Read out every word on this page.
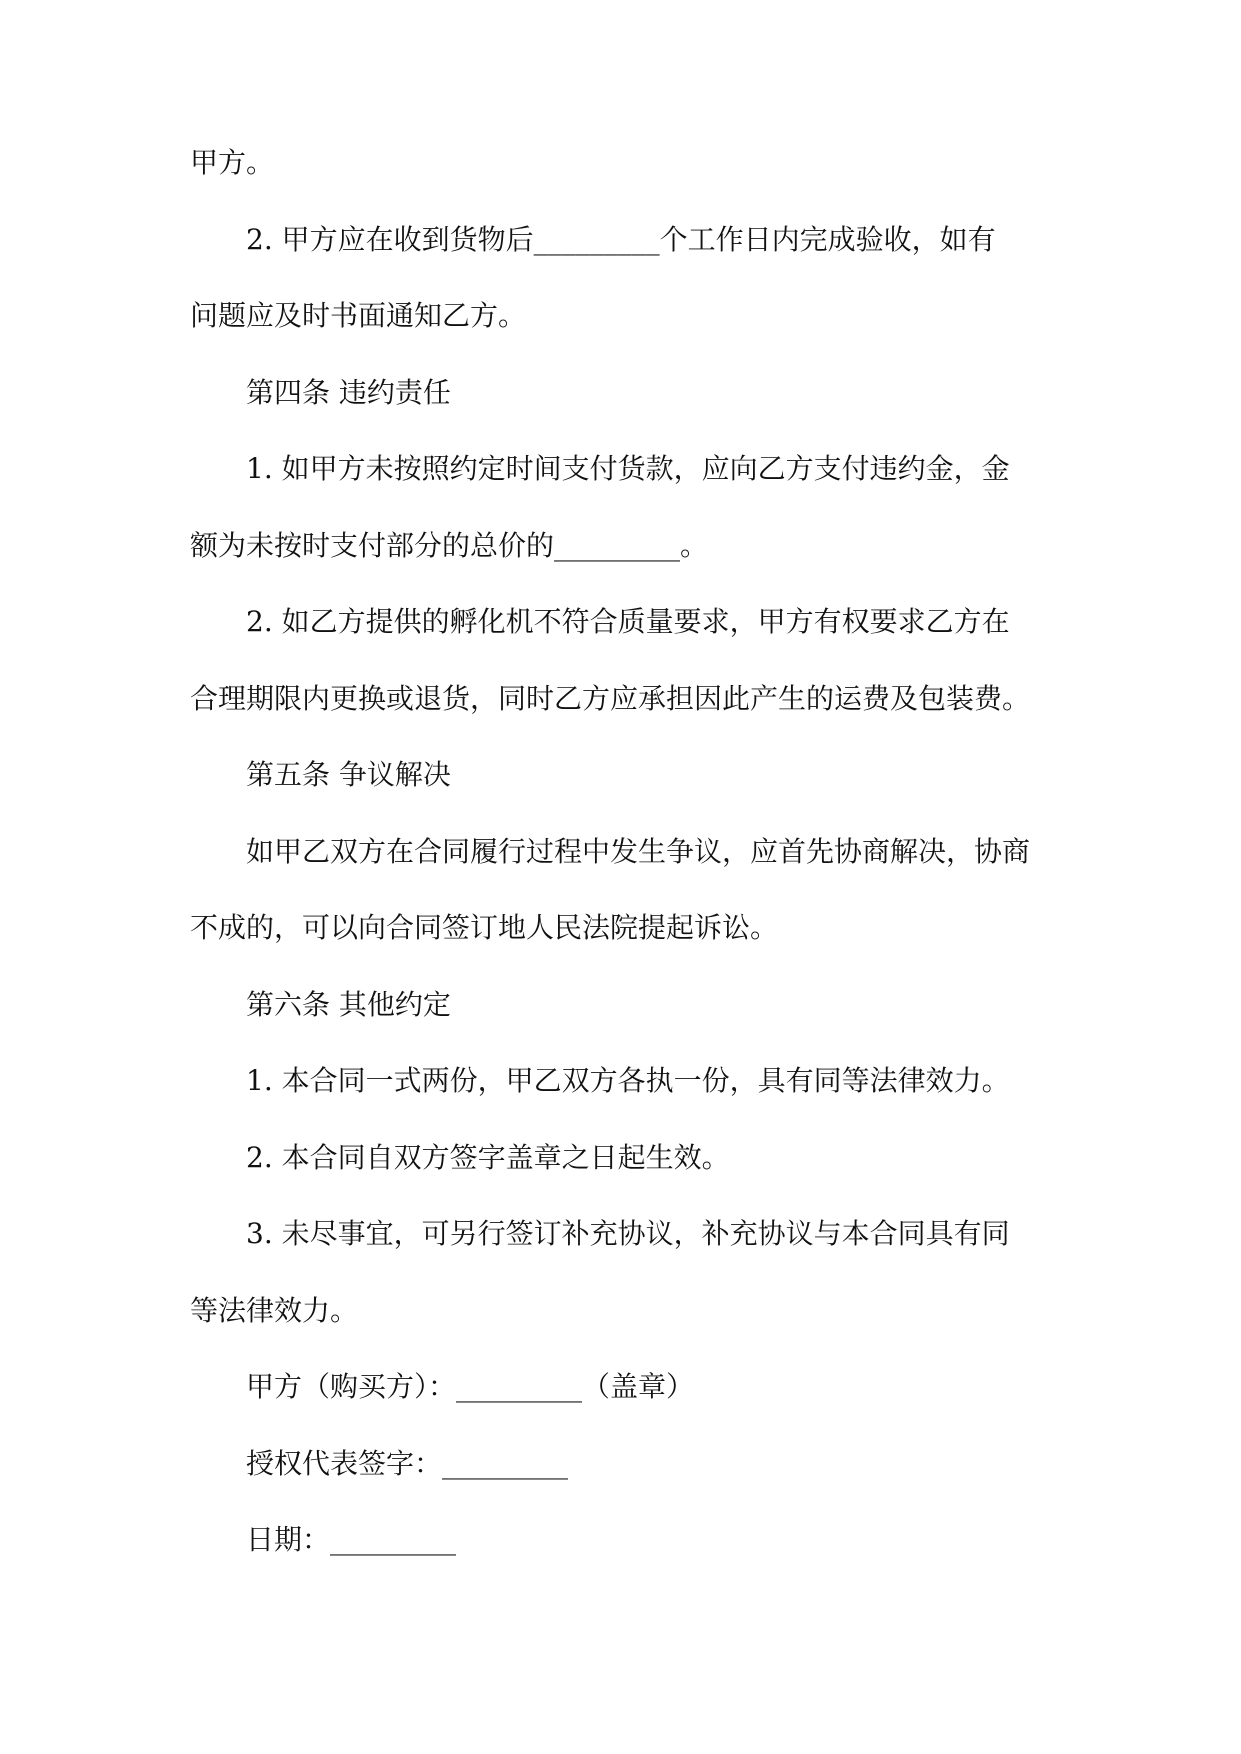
甲方。
2. 甲方应在收到货物后_________个工作日内完成验收，如有
问题应及时书面通知乙方。
第四条 违约责任
1. 如甲方未按照约定时间支付货款，应向乙方支付违约金，金
额为未按时支付部分的总价的_________。
2. 如乙方提供的孵化机不符合质量要求，甲方有权要求乙方在
合理期限内更换或退货，同时乙方应承担因此产生的运费及包装费。
第五条 争议解决
如甲乙双方在合同履行过程中发生争议，应首先协商解决，协商
不成的，可以向合同签订地人民法院提起诉讼。
第六条 其他约定
1. 本合同一式两份，甲乙双方各执一份，具有同等法律效力。
2. 本合同自双方签字盖章之日起生效。
3. 未尽事宜，可另行签订补充协议，补充协议与本合同具有同
等法律效力。
甲方（购买方）：_________（盖章）
授权代表签字：_________
日期：_________
